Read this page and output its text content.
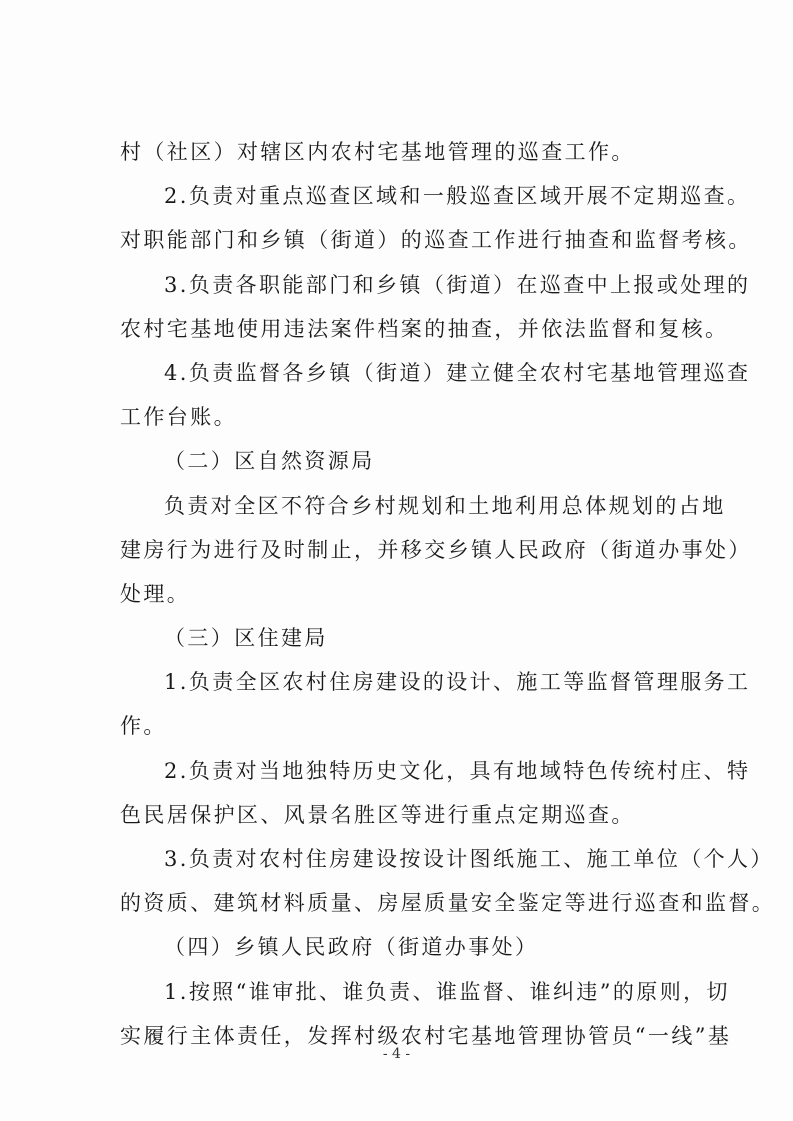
村（社区）对辖区内农村宅基地管理的巡查工作。
2.负责对重点巡查区域和一般巡查区域开展不定期巡查。
对职能部门和乡镇（街道）的巡查工作进行抽查和监督考核。
3.负责各职能部门和乡镇（街道）在巡查中上报或处理的
农村宅基地使用违法案件档案的抽查，并依法监督和复核。
4.负责监督各乡镇（街道）建立健全农村宅基地管理巡查
工作台账。
（二）区自然资源局
负责对全区不符合乡村规划和土地利用总体规划的占地
建房行为进行及时制止，并移交乡镇人民政府（街道办事处）
处理。
（三）区住建局
1.负责全区农村住房建设的设计、施工等监督管理服务工
作。
2.负责对当地独特历史文化，具有地域特色传统村庄、特
色民居保护区、风景名胜区等进行重点定期巡查。
3.负责对农村住房建设按设计图纸施工、施工单位（个人）
的资质、建筑材料质量、房屋质量安全鉴定等进行巡查和监督。
（四）乡镇人民政府（街道办事处）
1.按照“谁审批、谁负责、谁监督、谁纠违”的原则，切
实履行主体责任，发挥村级农村宅基地管理协管员“一线”基
- 4 -
